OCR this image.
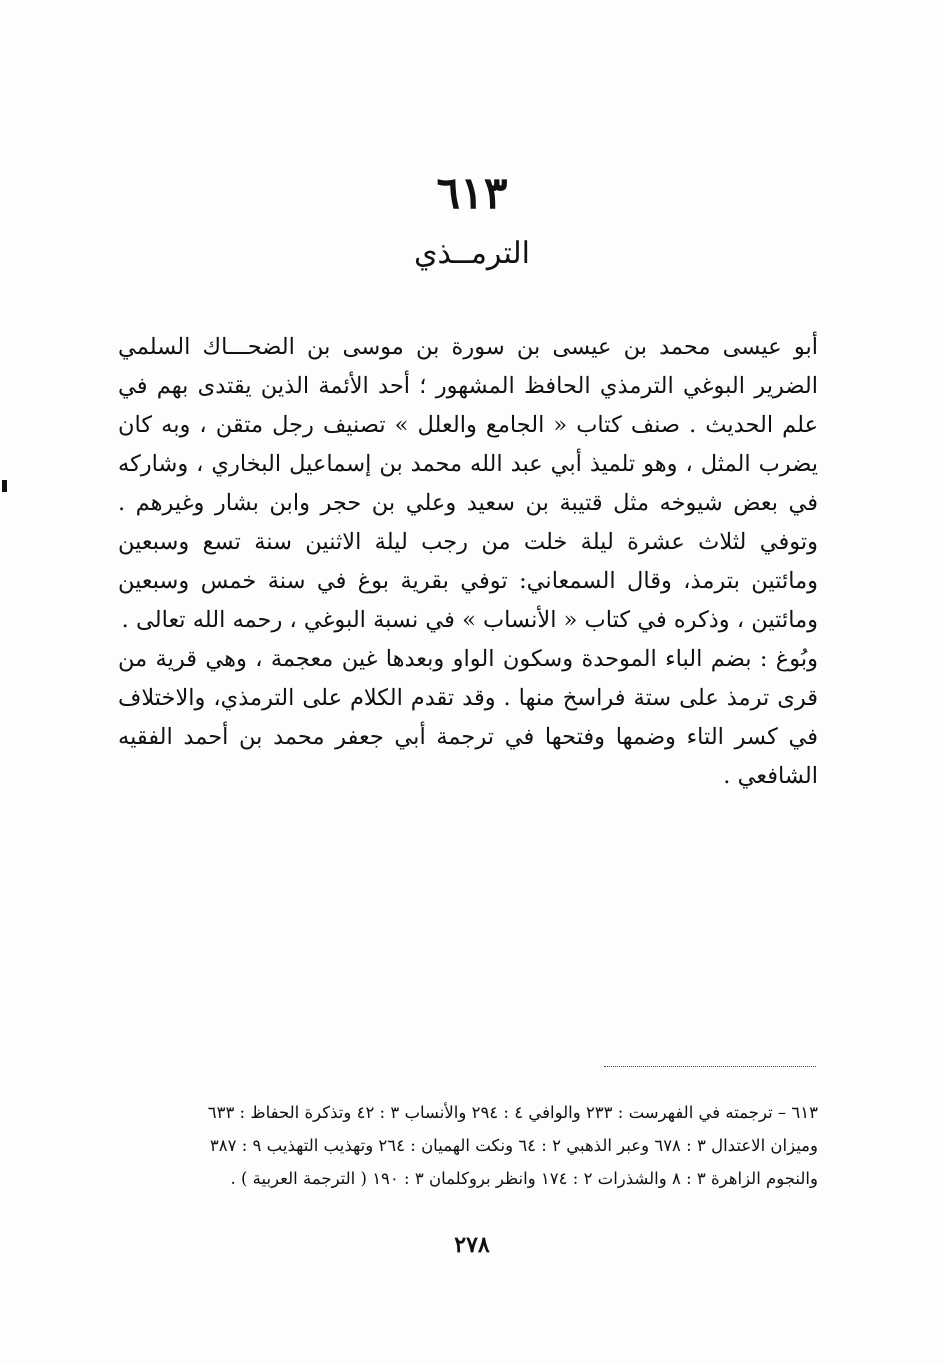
٦١٣
الترمــذي

أبو عيسى محمد بن عيسى بن سورة بن موسى بن الضحـــاك السلمي الضرير البوغي الترمذي الحافظ المشهور ؛ أحد الأئمة الذين يقتدى بهم في علم الحديث . صنف كتاب « الجامع والعلل » تصنيف رجل متقن ، وبه كان يضرب المثل ، وهو تلميذ أبي عبد الله محمد بن إسماعيل البخاري ، وشاركه في بعض شيوخه مثل قتيبة بن سعيد وعلي بن حجر وابن بشار وغيرهم . وتوفي لثلاث عشرة ليلة خلت من رجب ليلة الاثنين سنة تسع وسبعين ومائتين بترمذ، وقال السمعاني: توفي بقرية بوغ في سنة خمس وسبعين ومائتين ، وذكره في كتاب « الأنساب » في نسبة البوغي ، رحمه الله تعالى .

وبُوغ : بضم الباء الموحدة وسكون الواو وبعدها غين معجمة ، وهي قرية من قرى ترمذ على ستة فراسخ منها . وقد تقدم الكلام على الترمذي، والاختلاف في كسر التاء وضمها وفتحها في ترجمة أبي جعفر محمد بن أحمد الفقيه الشافعي .

٦١٣ – ترجمته في الفهرست : ٢٣٣ والوافي ٤ : ٢٩٤ والأنساب ٣ : ٤٢ وتذكرة الحفاظ : ٦٣٣

وميزان الاعتدال ٣ : ٦٧٨ وعبر الذهبي ٢ : ٦٤ ونكت الهميان : ٢٦٤ وتهذيب التهذيب ٩ : ٣٨٧

والنجوم الزاهرة ٣ : ٨ والشذرات ٢ : ١٧٤ وانظر بروكلمان ٣ : ١٩٠ ( الترجمة العربية ) .

٢٧٨
